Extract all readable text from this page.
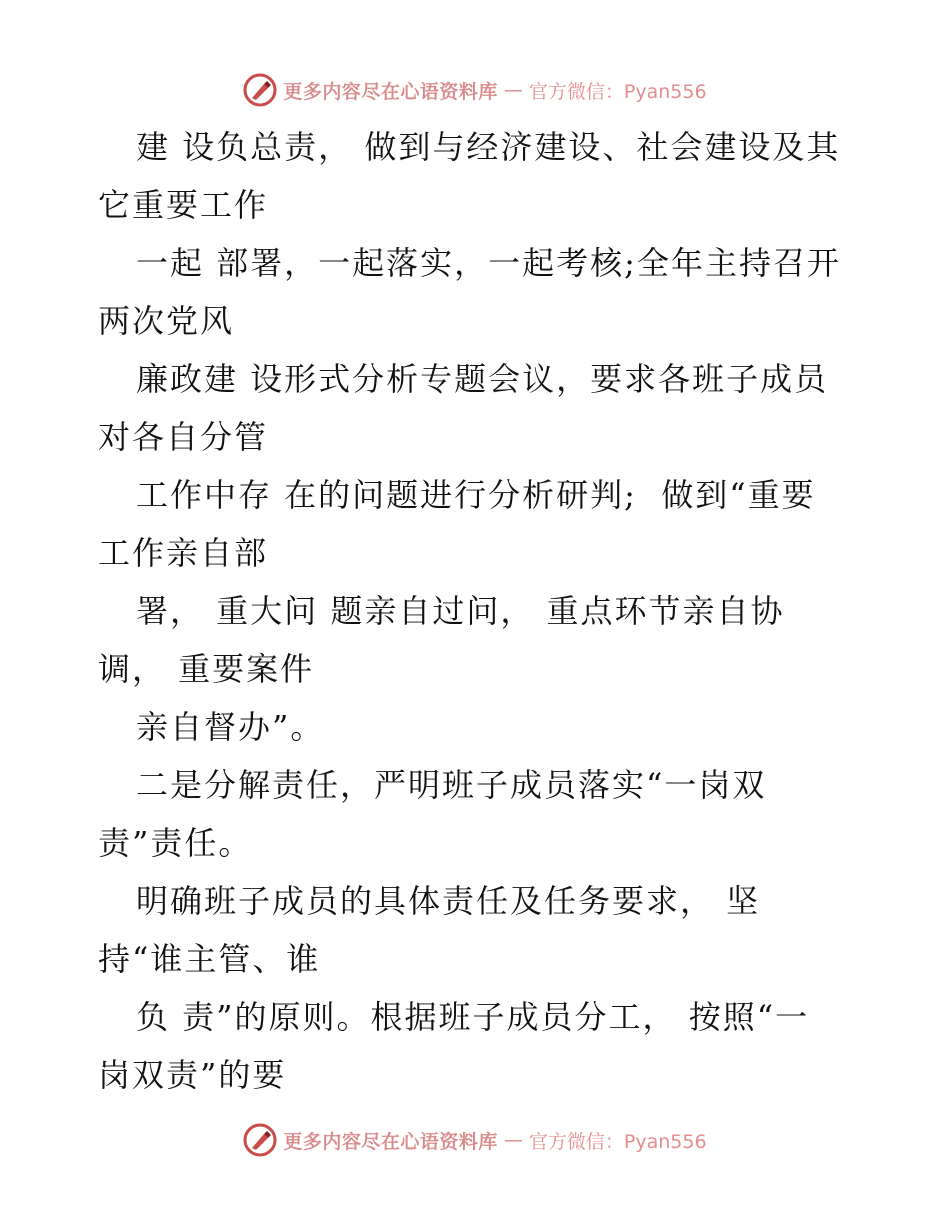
更多内容尽在心语资料库 — 官方微信：Pyan556
建 设负总责， 做到与经济建设、社会建设及其
它重要工作
一起 部署，一起落实，一起考核;全年主持召开
两次党风
廉政建 设形式分析专题会议，要求各班子成员
对各自分管
工作中存 在的问题进行分析研判;  做到“重要
工作亲自部
署， 重大问 题亲自过问， 重点环节亲自协
调， 重要案件
亲自督办”。
二是分解责任，严明班子成员落实“一岗双
责”责任。
明确班子成员的具体责任及任务要求， 坚
持“谁主管、谁
负 责”的原则。根据班子成员分工， 按照“一
岗双责”的要
更多内容尽在心语资料库 — 官方微信：Pyan556
